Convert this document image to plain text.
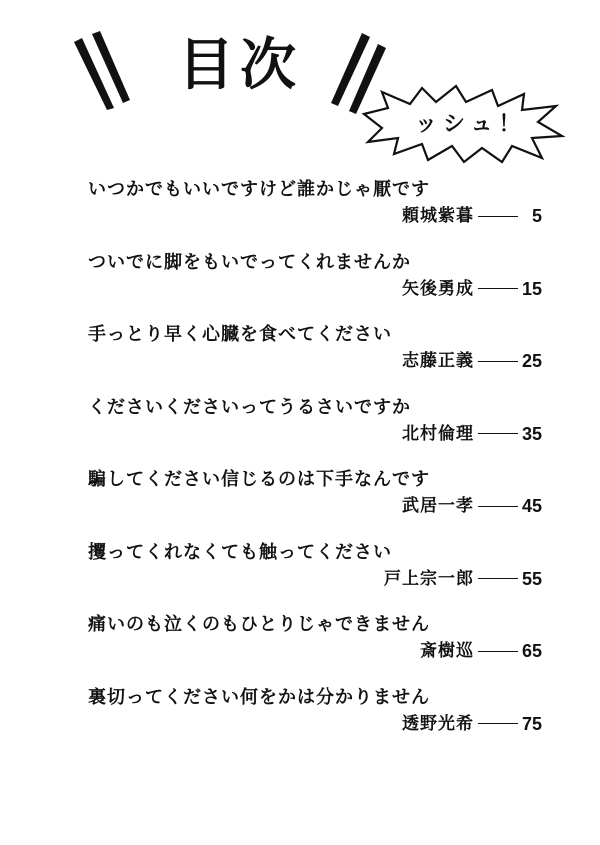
目次
ッシュ！
いつかでもいいですけど誰かじゃ厭です
頼城紫暮	5
ついでに脚をもいでってくれませんか
矢後勇成	15
手っとり早く心臓を食べてください
志藤正義	25
くださいくださいってうるさいですか
北村倫理	35
騙してください信じるのは下手なんです
武居一孝	45
攫ってくれなくても触ってください
戸上宗一郎	55
痛いのも泣くのもひとりじゃできません
斎樹巡	65
裏切ってください何をかは分かりません
透野光希	75
